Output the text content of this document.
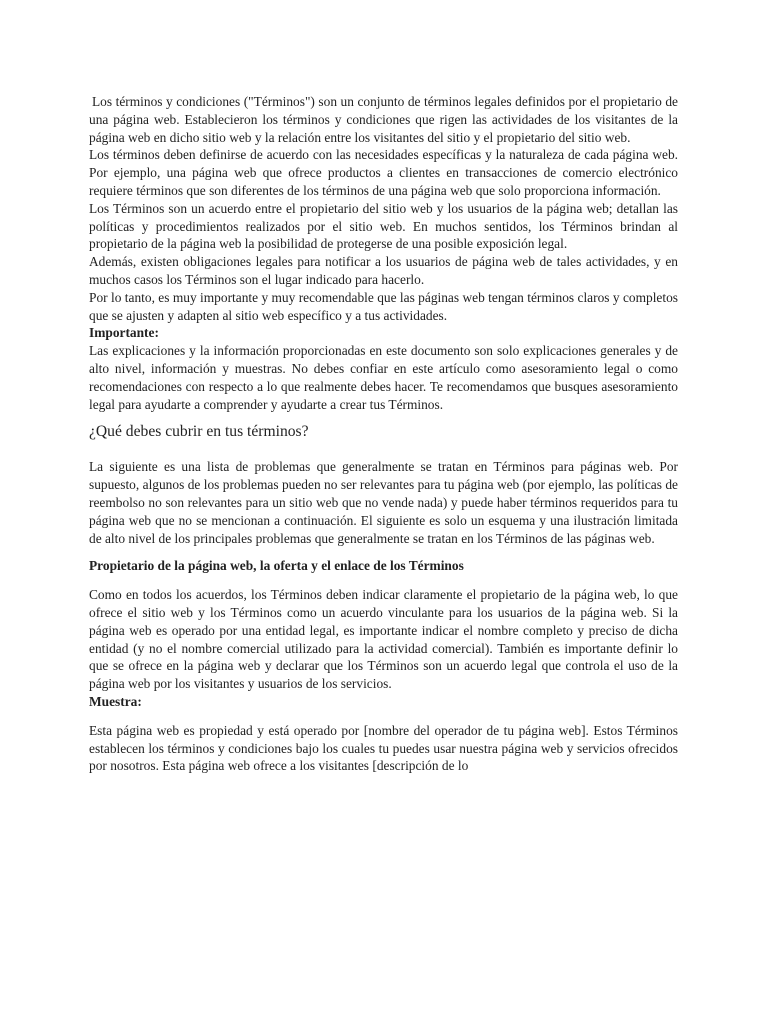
Los términos y condiciones ("Términos") son un conjunto de términos legales definidos por el propietario de una página web. Establecieron los términos y condiciones que rigen las actividades de los visitantes de la página web en dicho sitio web y la relación entre los visitantes del sitio y el propietario del sitio web.

Los términos deben definirse de acuerdo con las necesidades específicas y la naturaleza de cada página web. Por ejemplo, una página web que ofrece productos a clientes en transacciones de comercio electrónico requiere términos que son diferentes de los términos de una página web que solo proporciona información.

Los Términos son un acuerdo entre el propietario del sitio web y los usuarios de la página web; detallan las políticas y procedimientos realizados por el sitio web. En muchos sentidos, los Términos brindan al propietario de la página web la posibilidad de protegerse de una posible exposición legal.

Además, existen obligaciones legales para notificar a los usuarios de página web de tales actividades, y en muchos casos los Términos son el lugar indicado para hacerlo.

Por lo tanto, es muy importante y muy recomendable que las páginas web tengan términos claros y completos que se ajusten y adapten al sitio web específico y a tus actividades.

Importante:

Las explicaciones y la información proporcionadas en este documento son solo explicaciones generales y de alto nivel, información y muestras. No debes confiar en este artículo como asesoramiento legal o como recomendaciones con respecto a lo que realmente debes hacer. Te recomendamos que busques asesoramiento legal para ayudarte a comprender y ayudarte a crear tus Términos.

¿Qué debes cubrir en tus términos?

La siguiente es una lista de problemas que generalmente se tratan en Términos para páginas web. Por supuesto, algunos de los problemas pueden no ser relevantes para tu página web (por ejemplo, las políticas de reembolso no son relevantes para un sitio web que no vende nada) y puede haber términos requeridos para tu página web que no se mencionan a continuación. El siguiente es solo un esquema y una ilustración limitada de alto nivel de los principales problemas que generalmente se tratan en los Términos de las páginas web.

Propietario de la página web, la oferta y el enlace de los Términos

Como en todos los acuerdos, los Términos deben indicar claramente el propietario de la página web, lo que ofrece el sitio web y los Términos como un acuerdo vinculante para los usuarios de la página web. Si la página web es operado por una entidad legal, es importante indicar el nombre completo y preciso de dicha entidad (y no el nombre comercial utilizado para la actividad comercial). También es importante definir lo que se ofrece en la página web y declarar que los Términos son un acuerdo legal que controla el uso de la página web por los visitantes y usuarios de los servicios.

Muestra:

Esta página web es propiedad y está operado por [nombre del operador de tu página web]. Estos Términos establecen los términos y condiciones bajo los cuales tu puedes usar nuestra página web y servicios ofrecidos por nosotros. Esta página web ofrece a los visitantes [descripción de lo
